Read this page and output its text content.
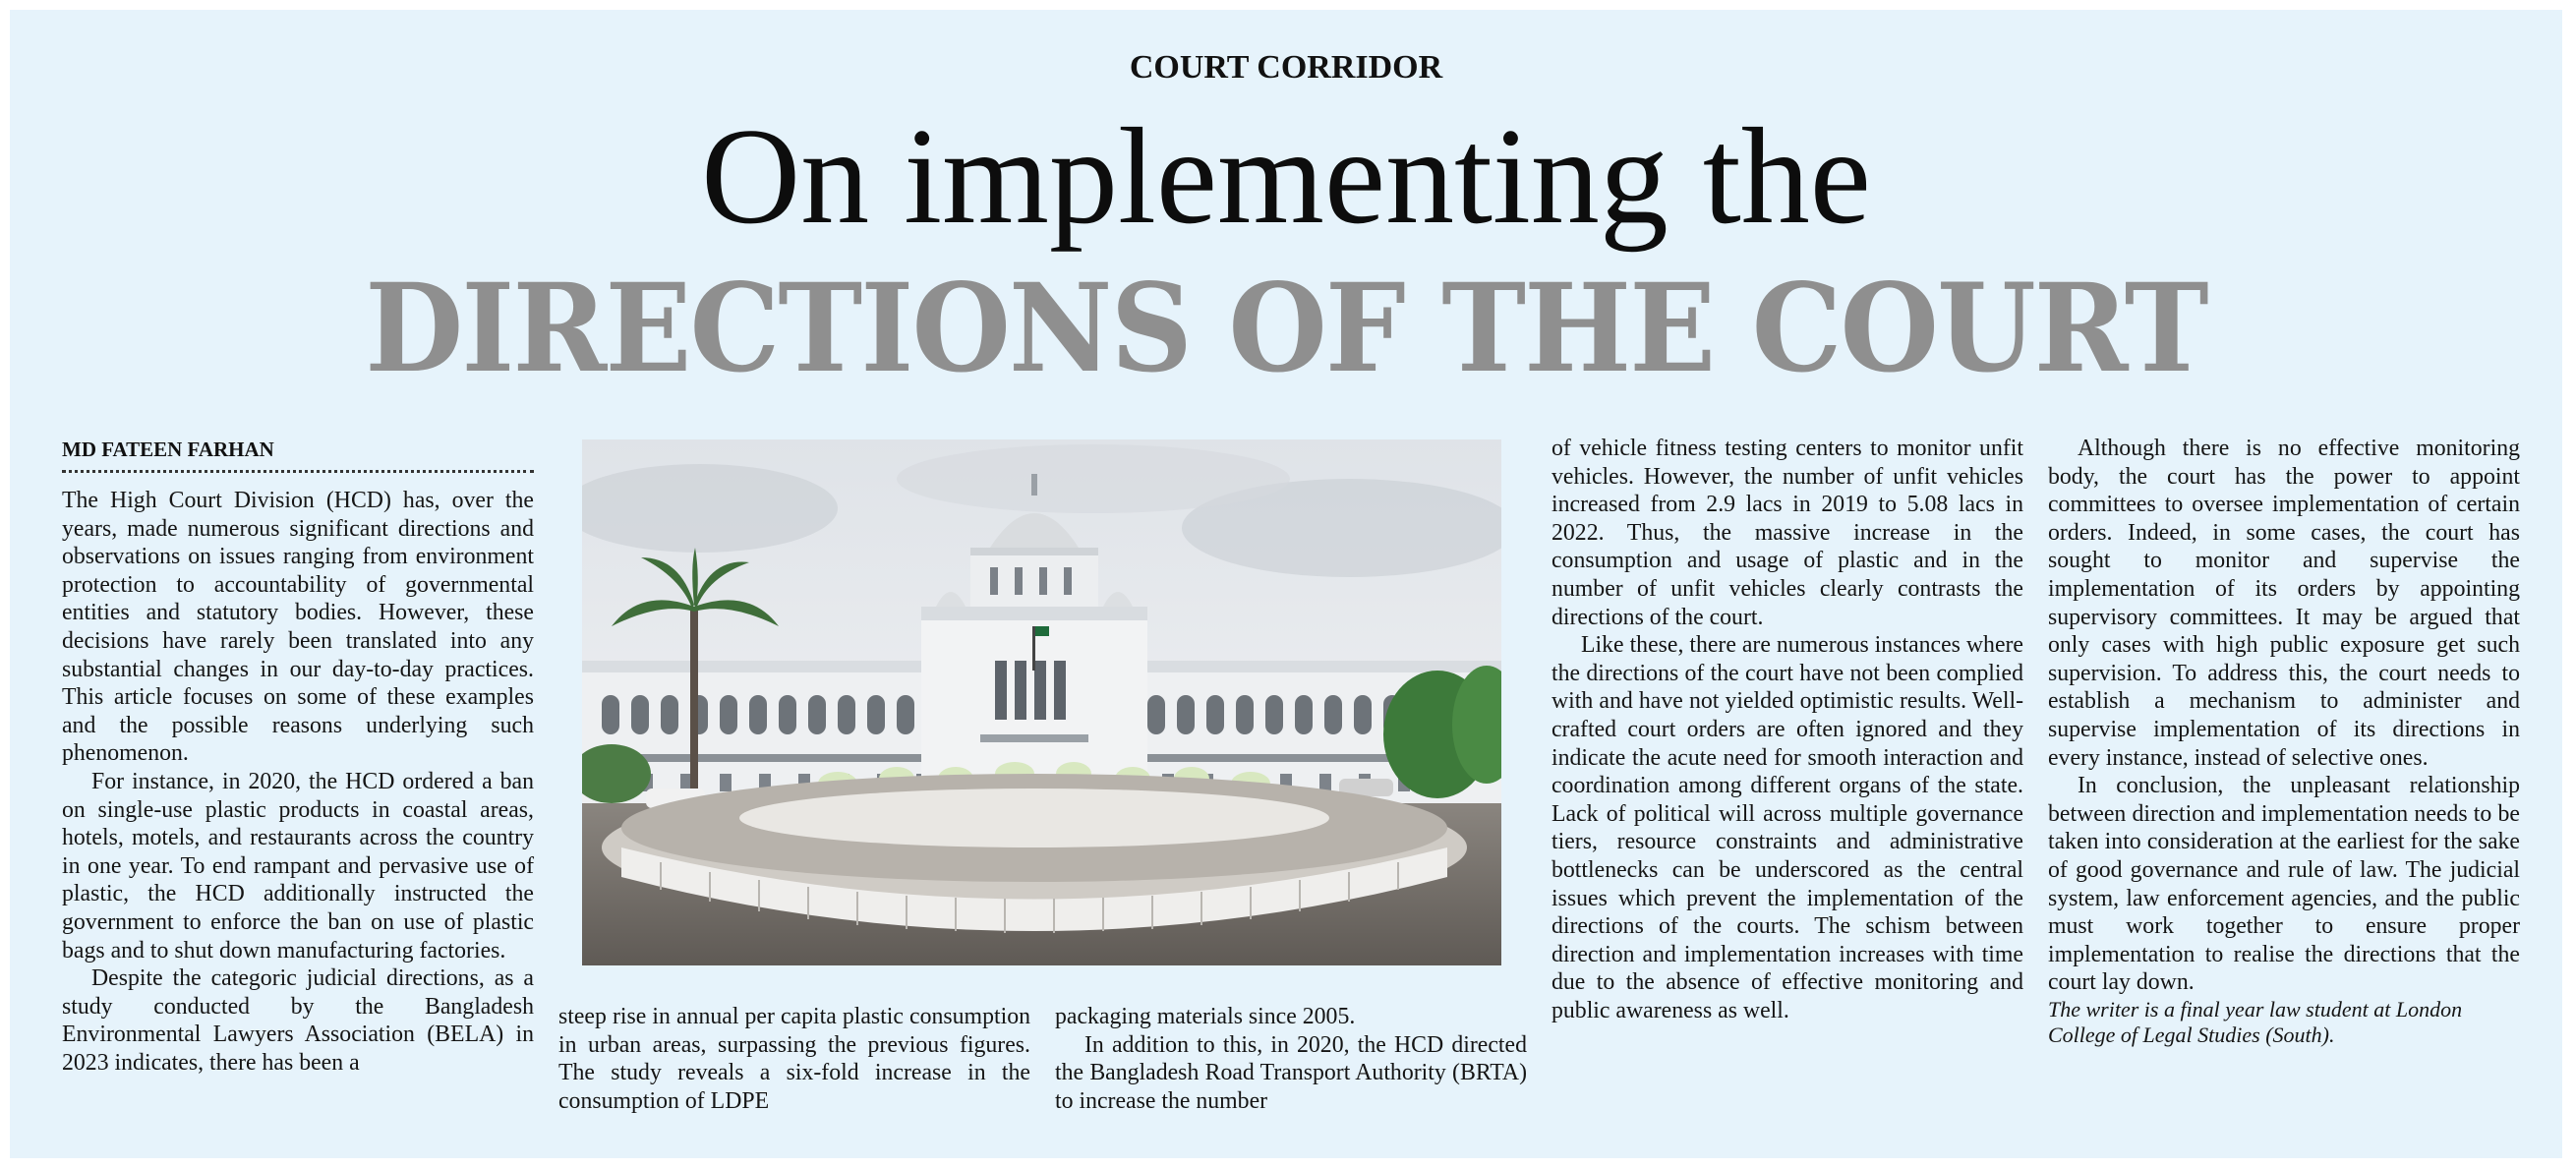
COURT CORRIDOR
On implementing the
DIRECTIONS OF THE COURT
MD FATEEN FARHAN

The High Court Division (HCD) has, over the years, made numerous significant directions and observations on issues ranging from environment protection to accountability of governmental entities and statutory bodies. However, these decisions have rarely been translated into any substantial changes in our day-to-day practices. This article focuses on some of these examples and the possible reasons underlying such phenomenon.

For instance, in 2020, the HCD ordered a ban on single-use plastic products in coastal areas, hotels, motels, and restaurants across the country in one year. To end rampant and pervasive use of plastic, the HCD additionally instructed the government to enforce the ban on use of plastic bags and to shut down manufacturing factories.

Despite the categoric judicial directions, as a study conducted by the Bangladesh Environmental Lawyers Association (BELA) in 2023 indicates, there has been a

steep rise in annual per capita plastic consumption in urban areas, surpassing the previous figures. The study reveals a six-fold increase in the consumption of LDPE

packaging materials since 2005.

In addition to this, in 2020, the HCD directed the Bangladesh Road Transport Authority (BRTA) to increase the number

of vehicle fitness testing centers to monitor unfit vehicles. However, the number of unfit vehicles increased from 2.9 lacs in 2019 to 5.08 lacs in 2022. Thus, the massive increase in the consumption and usage of plastic and in the number of unfit vehicles clearly contrasts the directions of the court.

Like these, there are numerous instances where the directions of the court have not been complied with and have not yielded optimistic results. Well-crafted court orders are often ignored and they indicate the acute need for smooth interaction and coordination among different organs of the state. Lack of political will across multiple governance tiers, resource constraints and administrative bottlenecks can be underscored as the central issues which prevent the implementation of the directions of the courts. The schism between direction and implementation increases with time due to the absence of effective monitoring and public awareness as well.

Although there is no effective monitoring body, the court has the power to appoint committees to oversee implementation of certain orders. Indeed, in some cases, the court has sought to monitor and supervise the implementation of its orders by appointing supervisory committees. It may be argued that only cases with high public exposure get such supervision. To address this, the court needs to establish a mechanism to administer and supervise implementation of its directions in every instance, instead of selective ones.

In conclusion, the unpleasant relationship between direction and implementation needs to be taken into consideration at the earliest for the sake of good governance and rule of law. The judicial system, law enforcement agencies, and the public must work together to ensure proper implementation to realise the directions that the court lay down.

The writer is a final year law student at London College of Legal Studies (South).
